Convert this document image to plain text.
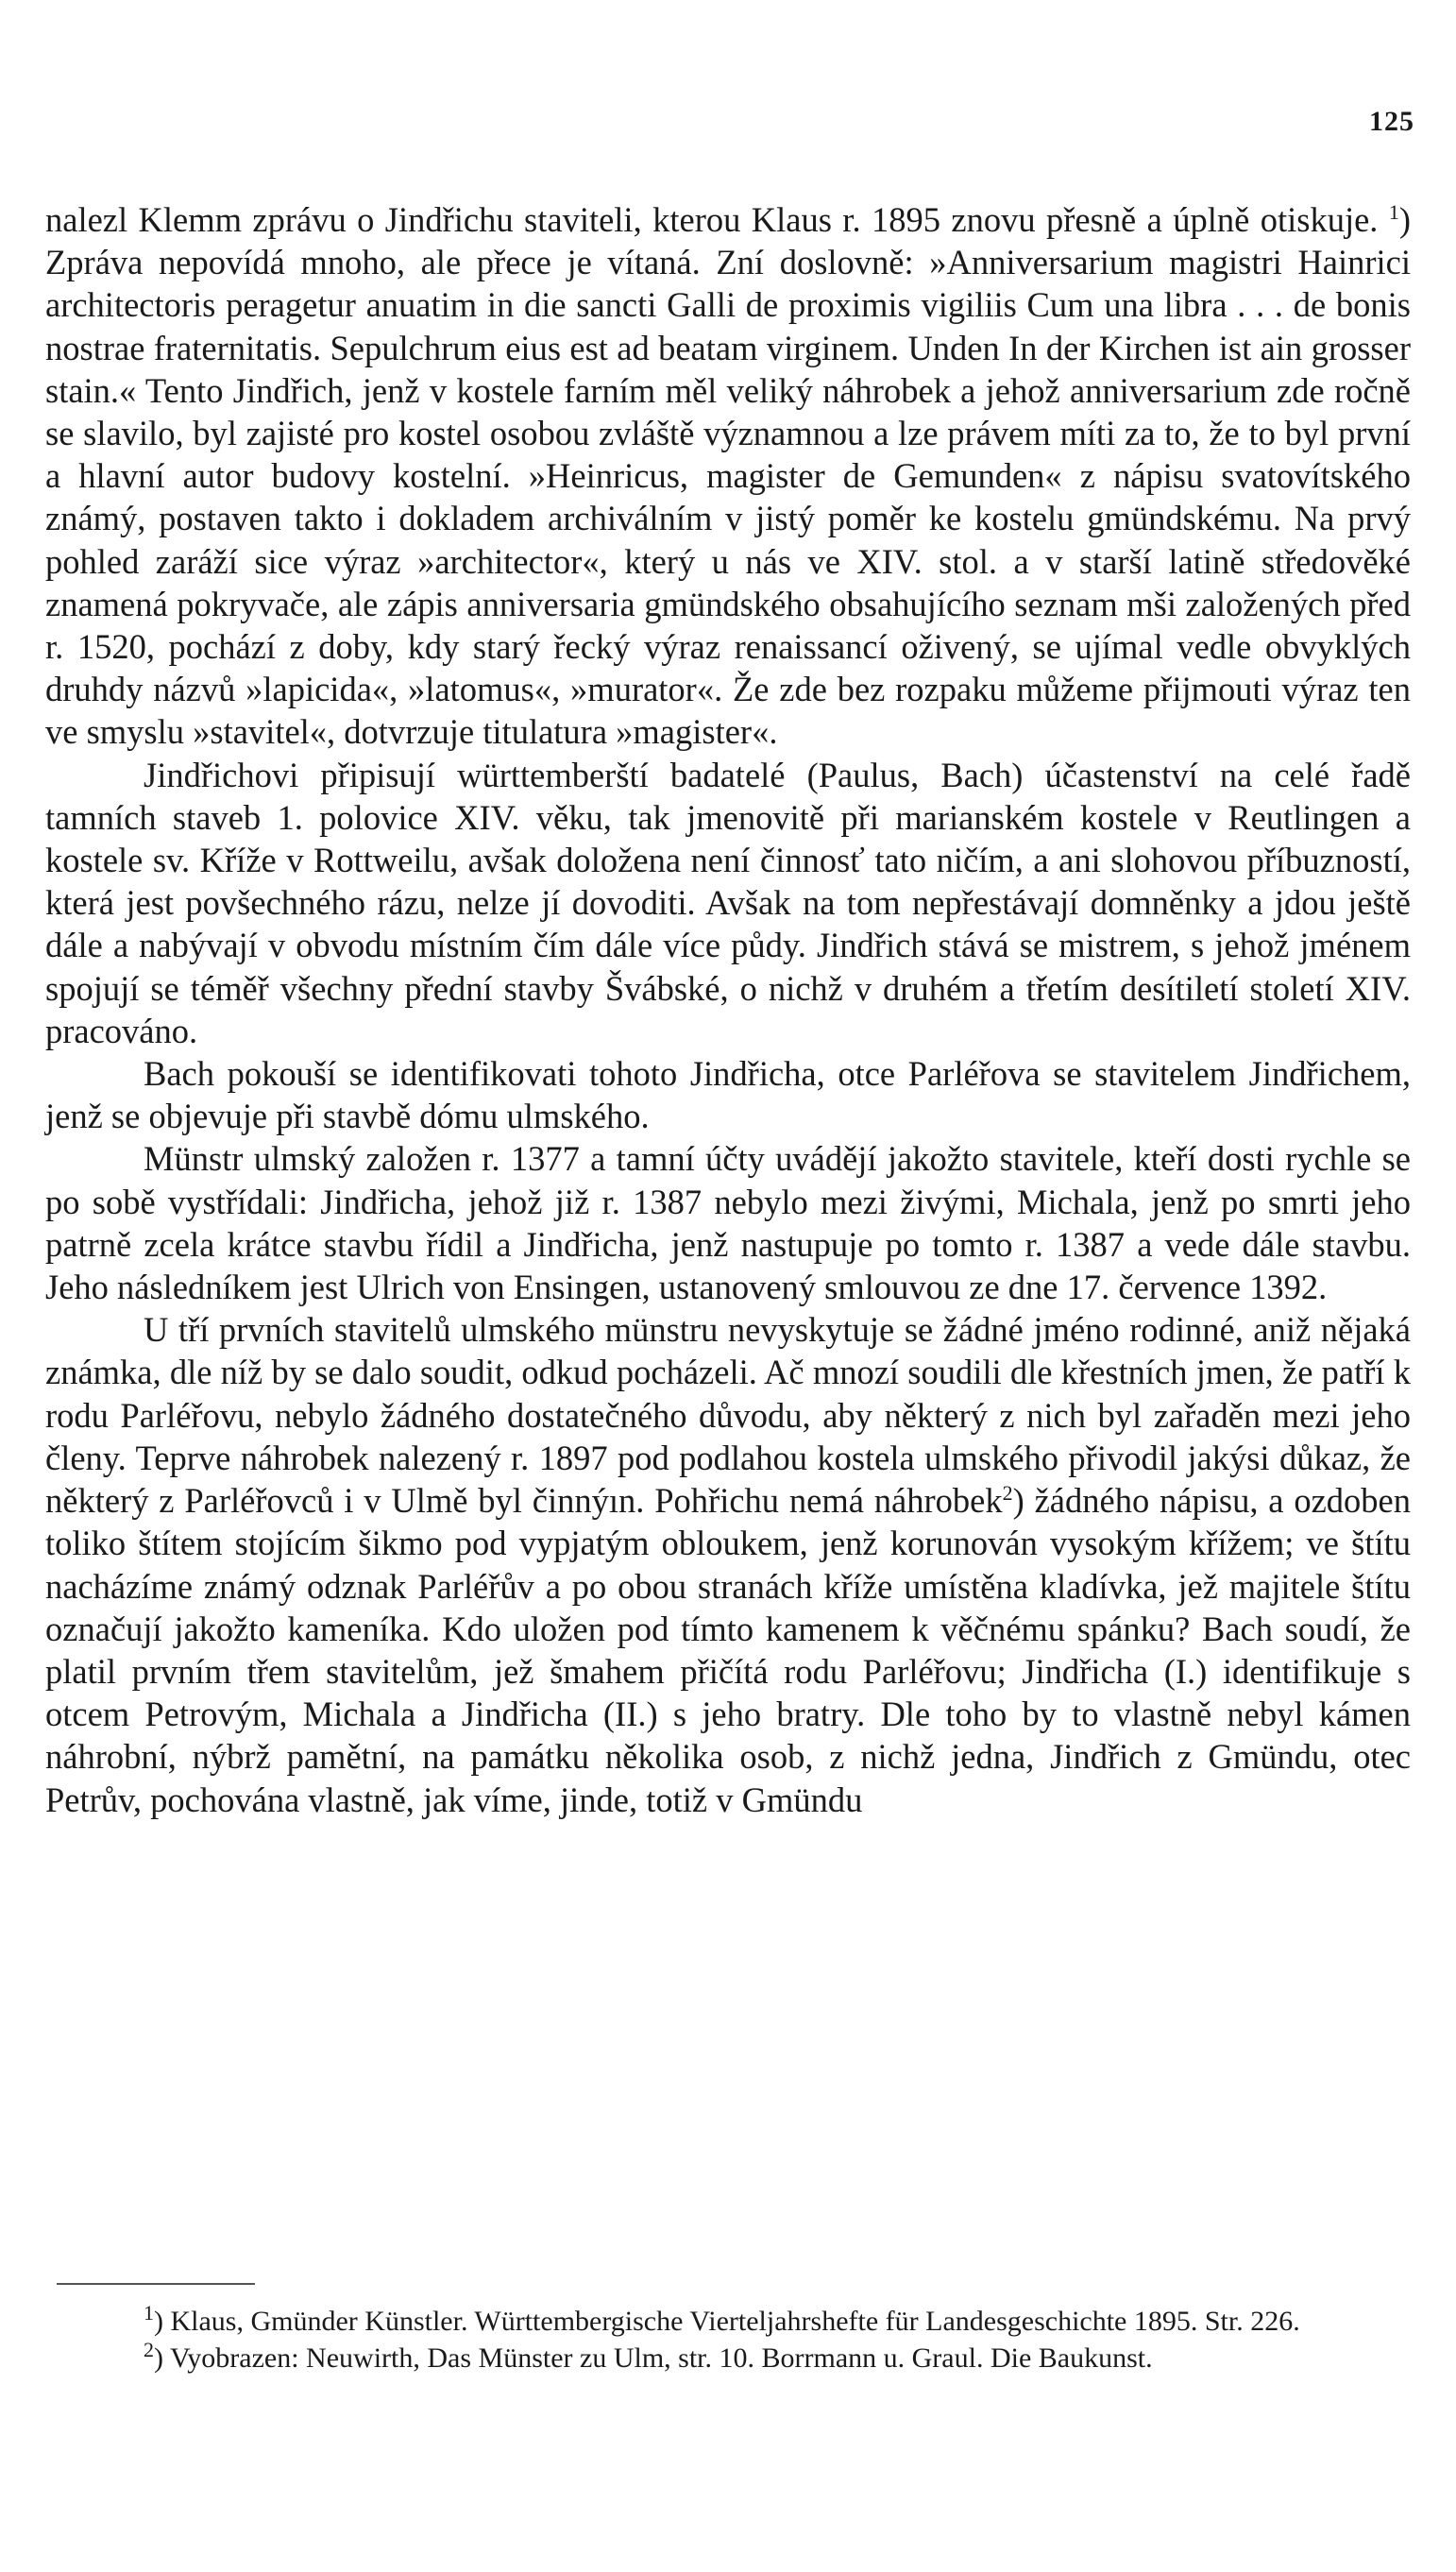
125

nalezl Klemm zprávu o Jindřichu staviteli, kterou Klaus r. 1895 znovu přesně a úplně otiskuje. $^1$) Zpráva nepovídá mnoho, ale přece je vítaná. Zní doslovně: »Anniversarium magistri Hainrici architectoris peragetur anuatim in die sancti Galli de proximis vigiliis Cum una libra . . . de bonis nostrae fraternitatis. Sepulchrum eius est ad beatam virginem. Unden In der Kirchen ist ain grosser stain.« Tento Jindřich, jenž v kostele farním měl veliký náhrobek a jehož anniversarium zde ročně se slavilo, byl zajisté pro kostel osobou zvláště významnou a lze právem míti za to, že to byl první a hlavní autor budovy kostelní. »Heinricus, magister de Gemunden« z nápisu svatovítského známý, postaven takto i dokladem archiválním v jistý poměr ke kostelu gmündskému. Na prvý pohled zaráží sice výraz »architector«, který u nás ve XIV. stol. a v starší latině středověké znamená pokryvače, ale zápis anniversaria gmündského obsahujícího seznam mši založených před r. 1520, pochází z doby, kdy starý řecký výraz renaissancí oživený, se ujímal vedle obvyklých druhdy názvů »lapicida«, »latomus«, »murator«. Že zde bez rozpaku můžeme přijmouti výraz ten ve smyslu »stavitel«, dotvrzuje titulatura »magister«.

Jindřichovi připisují württemberští badatelé (Paulus, Bach) účastenství na celé řadě tamních staveb 1. polovice XIV. věku, tak jmenovitě při marianském kostele v Reutlingen a kostele sv. Kříže v Rottweilu, avšak doložena není činnosť tato ničím, a ani slohovou příbuzností, která jest povšechného rázu, nelze jí dovoditi. Avšak na tom nepřestávají domněnky a jdou ještě dále a nabývají v obvodu místním čím dále více půdy. Jindřich stává se mistrem, s jehož jménem spojují se téměř všechny přední stavby Švábské, o nichž v druhém a třetím desítiletí století XIV. pracováno.

Bach pokouší se identifikovati tohoto Jindřicha, otce Parléřova se stavitelem Jindřichem, jenž se objevuje při stavbě dómu ulmského.

Münstr ulmský založen r. 1377 a tamní účty uvádějí jakožto stavitele, kteří dosti rychle se po sobě vystřídali: Jindřicha, jehož již r. 1387 nebylo mezi živými, Michala, jenž po smrti jeho patrně zcela krátce stavbu řídil a Jindřicha, jenž nastupuje po tomto r. 1387 a vede dále stavbu. Jeho následníkem jest Ulrich von Ensingen, ustanovený smlouvou ze dne 17. července 1392.

U tří prvních stavitelů ulmského münstru nevyskytuje se žádné jméno rodinné, aniž nějaká známka, dle níž by se dalo soudit, odkud pocházeli. Ač mnozí soudili dle křestních jmen, že patří k rodu Parléřovu, nebylo žádného dostatečného důvodu, aby některý z nich byl zařaděn mezi jeho členy. Teprve náhrobek nalezený r. 1897 pod podlahou kostela ulmského přivodil jakýsi důkaz, že některý z Parléřovců i v Ulmě byl činnýın. Pohřichu nemá náhrobek$^2$) žádného nápisu, a ozdoben toliko štítem stojícím šikmo pod vypjatým obloukem, jenž korunován vysokým křížem; ve štítu nacházíme známý odznak Parléřův a po obou stranách kříže umístěna kladívka, jež majitele štítu označují jakožto kameníka. Kdo uložen pod tímto kamenem k věčnému spánku? Bach soudí, že platil prvním třem stavitelům, jež šmahem přičítá rodu Parléřovu; Jindřicha (I.) identifikuje s otcem Petrovým, Michala a Jindřicha (II.) s jeho bratry. Dle toho by to vlastně nebyl kámen náhrobní, nýbrž pamětní, na památku několika osob, z nichž jedna, Jindřich z Gmündu, otec Petrův, pochována vlastně, jak víme, jinde, totiž v Gmündu

$^1$) Klaus, Gmünder Künstler. Württembergische Vierteljahrshefte für Landesgeschichte 1895. Str. 226.

$^2$) Vyobrazen: Neuwirth, Das Münster zu Ulm, str. 10. Borrmann u. Graul. Die Baukunst.
